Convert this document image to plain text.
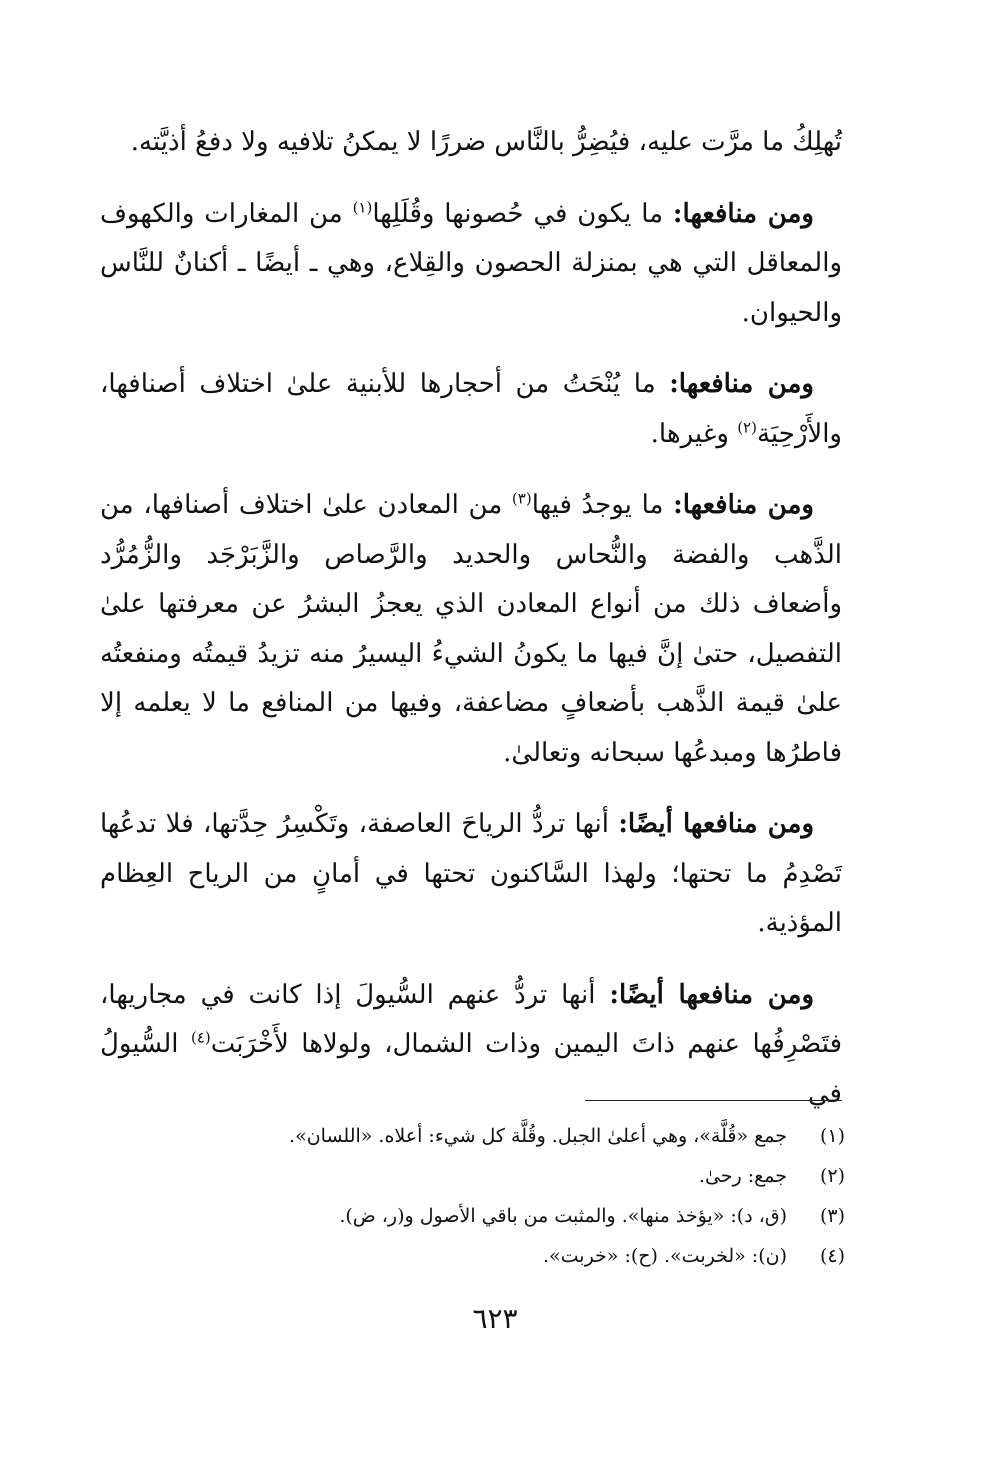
تُهلِكُ ما مرَّت عليه، فيُضِرُّ بالنَّاس ضررًا لا يمكنُ تلافيه ولا دفعُ أذيَّته.

ومن منافعها: ما يكون في حُصونها وقُلَلِها$^{(١)}$ من المغارات والكهوف والمعاقل التي هي بمنزلة الحصون والقِلاع، وهي ـ أيضًا ـ أكنانٌ للنَّاس والحيوان.

ومن منافعها: ما يُنْحَتُ من أحجارها للأبنية علىٰ اختلاف أصنافها، والأَرْحِيَة$^{(٢)}$ وغيرها.

ومن منافعها: ما يوجدُ فيها$^{(٣)}$ من المعادن علىٰ اختلاف أصنافها، من الذَّهب والفضة والنُّحاس والحديد والرَّصاص والزَّبَرْجَد والزُّمُرُّد وأضعاف ذلك من أنواع المعادن الذي يعجزُ البشرُ عن معرفتها علىٰ التفصيل، حتىٰ إنَّ فيها ما يكونُ الشيءُ اليسيرُ منه تزيدُ قيمتُه ومنفعتُه علىٰ قيمة الذَّهب بأضعافٍ مضاعفة، وفيها من المنافع ما لا يعلمه إلا فاطرُها ومبدعُها سبحانه وتعالىٰ.

ومن منافعها أيضًا: أنها تردُّ الرياحَ العاصفة، وتَكْسِرُ حِدَّتها، فلا تدعُها تَصْدِمُ ما تحتها؛ ولهذا السَّاكنون تحتها في أمانٍ من الرياح العِظام المؤذية.

ومن منافعها أيضًا: أنها تردُّ عنهم السُّيولَ إذا كانت في مجاريها، فتَصْرِفُها عنهم ذاتَ اليمين وذات الشمال، ولولاها لأَخْرَبَت$^{(٤)}$ السُّيولُ في

(١)
جمع «قُلَّة»، وهي أعلىٰ الجبل. وقُلَّة كل شيء: أعلاه. «اللسان».
(٢)
جمع: رحىٰ.
(٣)
(ق، د): «يؤخذ منها». والمثبت من باقي الأصول و(ر، ض).
(٤)
(ن): «لخربت». (ح): «خربت».
٦٢٣
